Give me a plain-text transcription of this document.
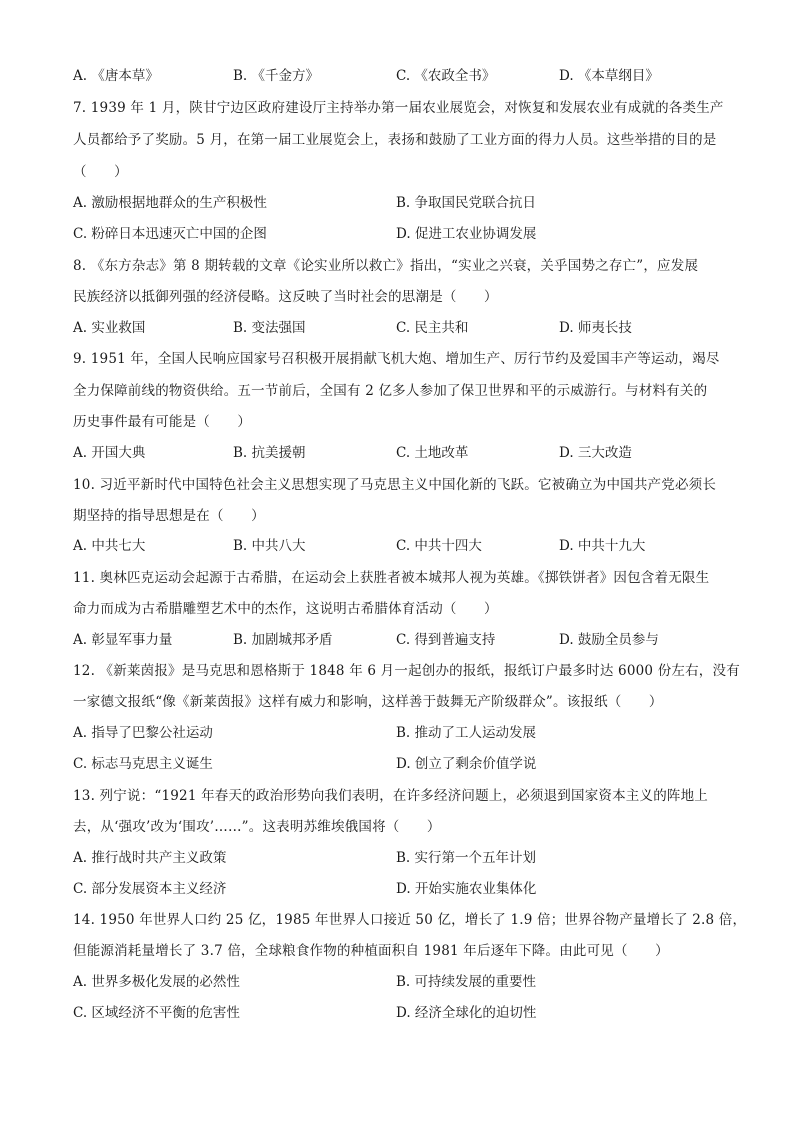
A. 《唐本草》	B. 《千金方》	C. 《农政全书》	D. 《本草纲目》
7. 1939 年 1 月，陕甘宁边区政府建设厅主持举办第一届农业展览会，对恢复和发展农业有成就的各类生产
人员都给予了奖励。5 月，在第一届工业展览会上，表扬和鼓励了工业方面的得力人员。这些举措的目的是
（　　）
A. 激励根据地群众的生产积极性	B. 争取国民党联合抗日
C. 粉碎日本迅速灭亡中国的企图	D. 促进工农业协调发展
8. 《东方杂志》第 8 期转载的文章《论实业所以救亡》指出，“实业之兴衰，关乎国势之存亡”，应发展
民族经济以抵御列强的经济侵略。这反映了当时社会的思潮是（　　）
A. 实业救国	B. 变法强国	C. 民主共和	D. 师夷长技
9. 1951 年，全国人民响应国家号召积极开展捐献飞机大炮、增加生产、厉行节约及爱国丰产等运动，竭尽
全力保障前线的物资供给。五一节前后，全国有 2 亿多人参加了保卫世界和平的示威游行。与材料有关的
历史事件最有可能是（　　）
A. 开国大典	B. 抗美援朝	C. 土地改革	D. 三大改造
10. 习近平新时代中国特色社会主义思想实现了马克思主义中国化新的飞跃。它被确立为中国共产党必须长
期坚持的指导思想是在（　　）
A. 中共七大	B. 中共八大	C. 中共十四大	D. 中共十九大
11. 奥林匹克运动会起源于古希腊，在运动会上获胜者被本城邦人视为英雄。《掷铁饼者》因包含着无限生
命力而成为古希腊雕塑艺术中的杰作，这说明古希腊体育活动（　　）
A. 彰显军事力量	B. 加剧城邦矛盾	C. 得到普遍支持	D. 鼓励全员参与
12. 《新莱茵报》是马克思和恩格斯于 1848 年 6 月一起创办的报纸，报纸订户最多时达 6000 份左右，没有
一家德文报纸“像《新莱茵报》这样有威力和影响，这样善于鼓舞无产阶级群众”。该报纸（　　）
A. 指导了巴黎公社运动	B. 推动了工人运动发展
C. 标志马克思主义诞生	D. 创立了剩余价值学说
13. 列宁说：“1921 年春天的政治形势向我们表明，在许多经济问题上，必须退到国家资本主义的阵地上
去，从‘强攻’改为‘围攻’……”。这表明苏维埃俄国将（　　）
A. 推行战时共产主义政策	B. 实行第一个五年计划
C. 部分发展资本主义经济	D. 开始实施农业集体化
14. 1950 年世界人口约 25 亿，1985 年世界人口接近 50 亿，增长了 1.9 倍；世界谷物产量增长了 2.8 倍，
但能源消耗量增长了 3.7 倍，全球粮食作物的种植面积自 1981 年后逐年下降。由此可见（　　）
A. 世界多极化发展的必然性	B. 可持续发展的重要性
C. 区域经济不平衡的危害性	D. 经济全球化的迫切性
